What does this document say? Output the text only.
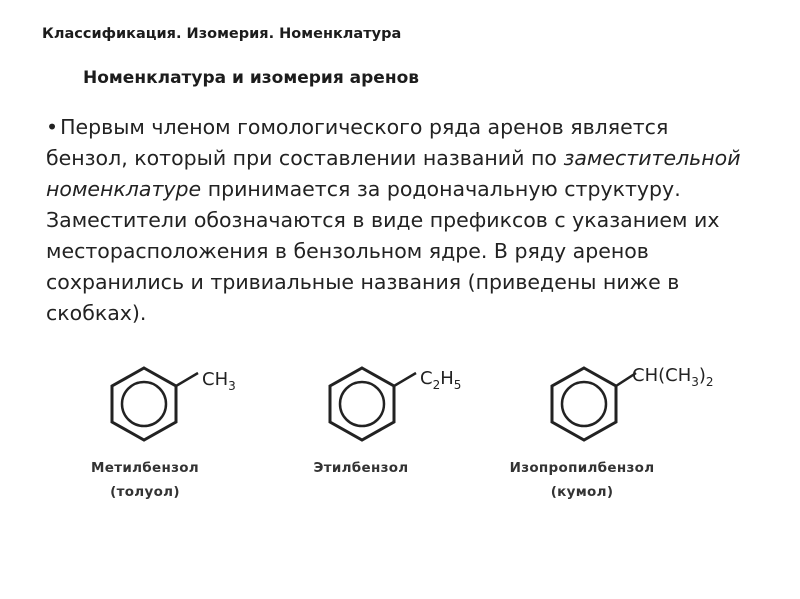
Классификация. Изомерия. Номенклатура
Номенклатура и изомерия аренов
•Первым членом гомологического ряда аренов является бензол, который при составлении названий по заместительной номенклатуре принимается за родоначальную структуру. Заместители обозначаются в виде префиксов с указанием их месторасположения в бензольном ядре. В ряду аренов сохранились и тривиальные названия (приведены ниже в скобках).
$CH_3$
Метилбензол
(толуол)
$C_2H_5$
Этилбензол
$CH(CH_3)_2$
Изопропилбензол
(кумол)
